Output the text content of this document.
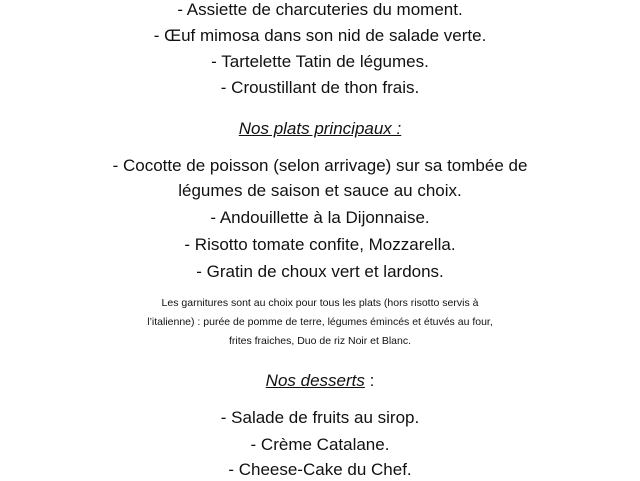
- Assiette de charcuteries du moment.
- Œuf mimosa dans son nid de salade verte.
- Tartelette Tatin de légumes.
- Croustillant de thon frais.
Nos plats principaux :
- Cocotte de poisson (selon arrivage) sur sa tombée de
légumes de saison et sauce au choix.
- Andouillette à la Dijonnaise.
- Risotto tomate confite, Mozzarella.
- Gratin de choux vert et lardons.
Les garnitures sont au choix pour tous les plats (hors risotto servis à
l’italienne) : purée de pomme de terre, légumes émincés et étuvés au four,
frites fraiches, Duo de riz Noir et Blanc.
Nos desserts :
- Salade de fruits au sirop.
- Crème Catalane.
- Cheese-Cake du Chef.
